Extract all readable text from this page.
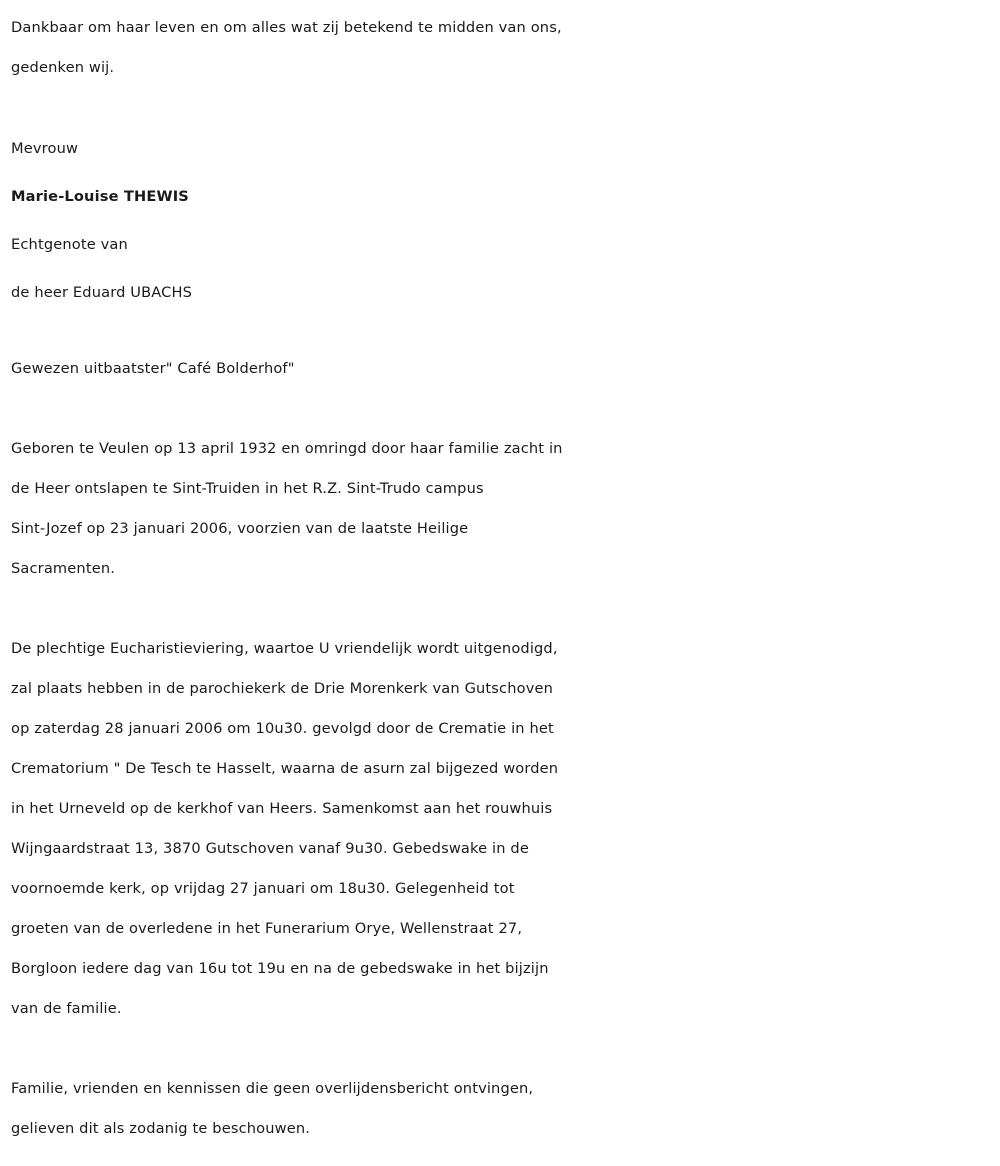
Dankbaar om haar leven en om alles wat zij betekend te midden van ons,
gedenken wij.
Mevrouw
Marie-Louise THEWIS
Echtgenote van
de heer Eduard UBACHS
Gewezen uitbaatster" Café Bolderhof"
Geboren te Veulen op 13 april 1932 en omringd door haar familie zacht in
de Heer ontslapen te Sint-Truiden in het R.Z. Sint-Trudo campus
Sint-Jozef op 23 januari 2006, voorzien van de laatste Heilige
Sacramenten.
De plechtige Eucharistieviering, waartoe U vriendelijk wordt uitgenodigd,
zal plaats hebben in de parochiekerk de Drie Morenkerk van Gutschoven
op zaterdag 28 januari 2006 om 10u30. gevolgd door de Crematie in het
Crematorium " De Tesch te Hasselt, waarna de asurn zal bijgezed worden
in het Urneveld op de kerkhof van Heers. Samenkomst aan het rouwhuis
Wijngaardstraat 13, 3870 Gutschoven vanaf 9u30. Gebedswake in de
voornoemde kerk, op vrijdag 27 januari om 18u30. Gelegenheid tot
groeten van de overledene in het Funerarium Orye, Wellenstraat 27,
Borgloon iedere dag van 16u tot 19u en na de gebedswake in het bijzijn
van de familie.
Familie, vrienden en kennissen die geen overlijdensbericht ontvingen,
gelieven dit als zodanig te beschouwen.
